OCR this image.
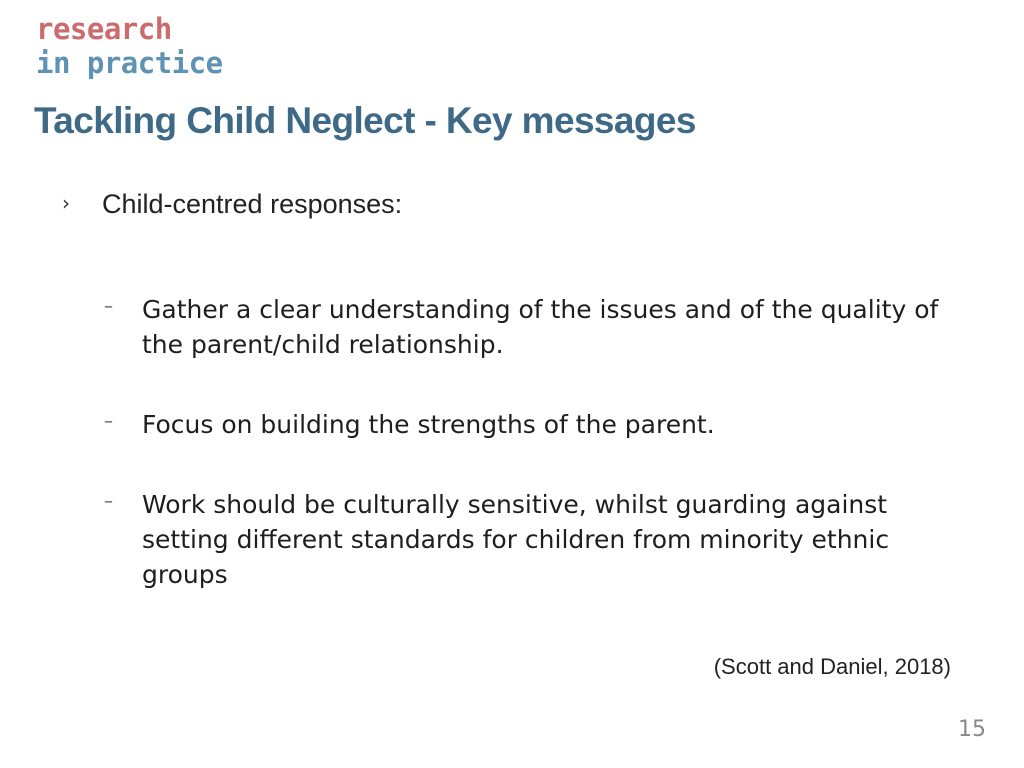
research
in practice
Tackling Child Neglect - Key messages
›	Child-centred responses:
–	Gather a clear understanding of the issues and of the quality of the parent/child relationship.
–	Focus on building the strengths of the parent.
–	Work should be culturally sensitive, whilst guarding against setting different standards for children from minority ethnic groups
(Scott and Daniel, 2018)
15
